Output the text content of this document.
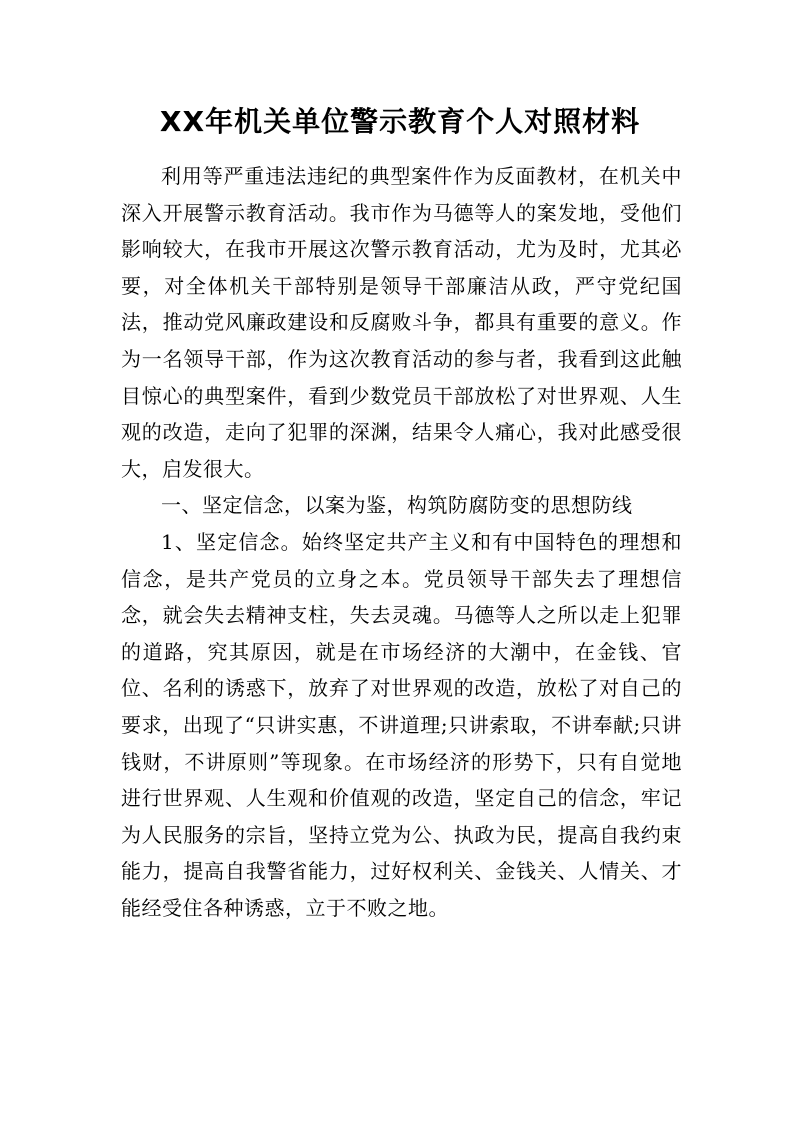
XX年机关单位警示教育个人对照材料

利用等严重违法违纪的典型案件作为反面教材，在机关中深入开展警示教育活动。我市作为马德等人的案发地，受他们影响较大，在我市开展这次警示教育活动，尤为及时，尤其必要，对全体机关干部特别是领导干部廉洁从政，严守党纪国法，推动党风廉政建设和反腐败斗争，都具有重要的意义。作为一名领导干部，作为这次教育活动的参与者，我看到这此触目惊心的典型案件，看到少数党员干部放松了对世界观、人生观的改造，走向了犯罪的深渊，结果令人痛心，我对此感受很大，启发很大。

一、坚定信念，以案为鉴，构筑防腐防变的思想防线

1、坚定信念。始终坚定共产主义和有中国特色的理想和信念，是共产党员的立身之本。党员领导干部失去了理想信念，就会失去精神支柱，失去灵魂。马德等人之所以走上犯罪的道路，究其原因，就是在市场经济的大潮中，在金钱、官位、名利的诱惑下，放弃了对世界观的改造，放松了对自己的要求，出现了“只讲实惠，不讲道理;只讲索取，不讲奉献;只讲钱财，不讲原则”等现象。在市场经济的形势下，只有自觉地进行世界观、人生观和价值观的改造，坚定自己的信念，牢记为人民服务的宗旨，坚持立党为公、执政为民，提高自我约束能力，提高自我警省能力，过好权利关、金钱关、人情关、才能经受住各种诱惑，立于不败之地。
